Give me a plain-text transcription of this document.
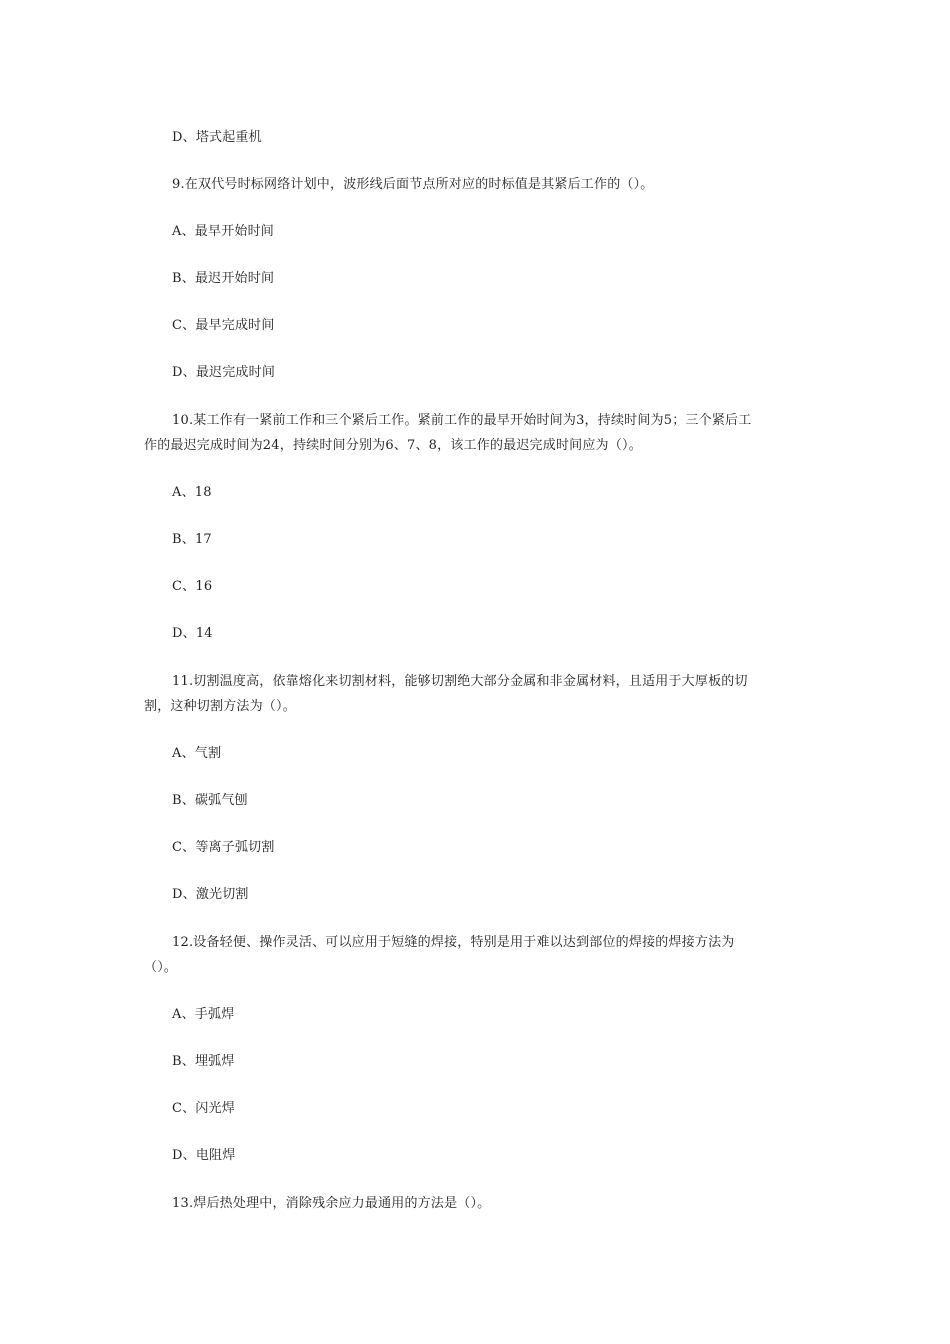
D、塔式起重机
9.在双代号时标网络计划中，波形线后面节点所对应的时标值是其紧后工作的（）。
A、最早开始时间
B、最迟开始时间
C、最早完成时间
D、最迟完成时间
10.某工作有一紧前工作和三个紧后工作。紧前工作的最早开始时间为3，持续时间为5；三个紧后工
作的最迟完成时间为24，持续时间分别为6、7、8，该工作的最迟完成时间应为（）。
A、18
B、17
C、16
D、14
11.切割温度高，依靠熔化来切割材料，能够切割绝大部分金属和非金属材料，且适用于大厚板的切
割，这种切割方法为（）。
A、气割
B、碳弧气刨
C、等离子弧切割
D、激光切割
12.设备轻便、操作灵活、可以应用于短缝的焊接，特别是用于难以达到部位的焊接的焊接方法为
（）。
A、手弧焊
B、埋弧焊
C、闪光焊
D、电阻焊
13.焊后热处理中，消除残余应力最通用的方法是（）。
